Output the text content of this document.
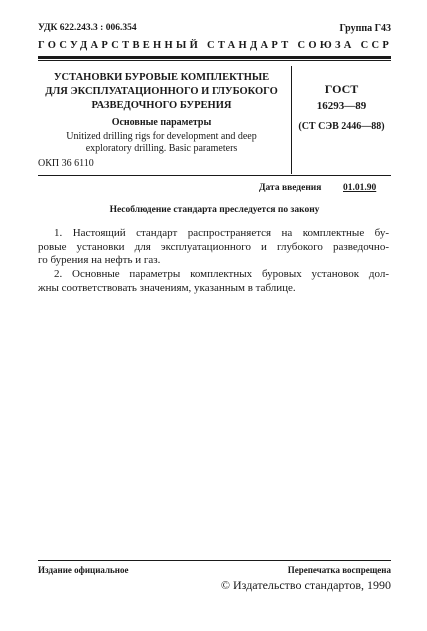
УДК 622.243.3 : 006.354	Группа Г43
ГОСУДАРСТВЕННЫЙ СТАНДАРТ СОЮЗА ССР
УСТАНОВКИ БУРОВЫЕ КОМПЛЕКТНЫЕ
ДЛЯ ЭКСПЛУАТАЦИОННОГО И ГЛУБОКОГО
РАЗВЕДОЧНОГО БУРЕНИЯ
Основные параметры
Unitized drilling rigs for development and deep
exploratory drilling. Basic parameters
ГОСТ
16293—89
(СТ СЭВ 2446—88)
ОКП 36 6110
Дата введения 01.01.90
Несоблюдение стандарта преследуется по закону
1. Настоящий стандарт распространяется на комплектные бу-
ровые установки для эксплуатационного и глубокого разведочно-
го бурения на нефть и газ.
2. Основные параметры комплектных буровых установок дол-
жны соответствовать значениям, указанным в таблице.
Издание официальное	Перепечатка воспрещена
© Издательство стандартов, 1990
